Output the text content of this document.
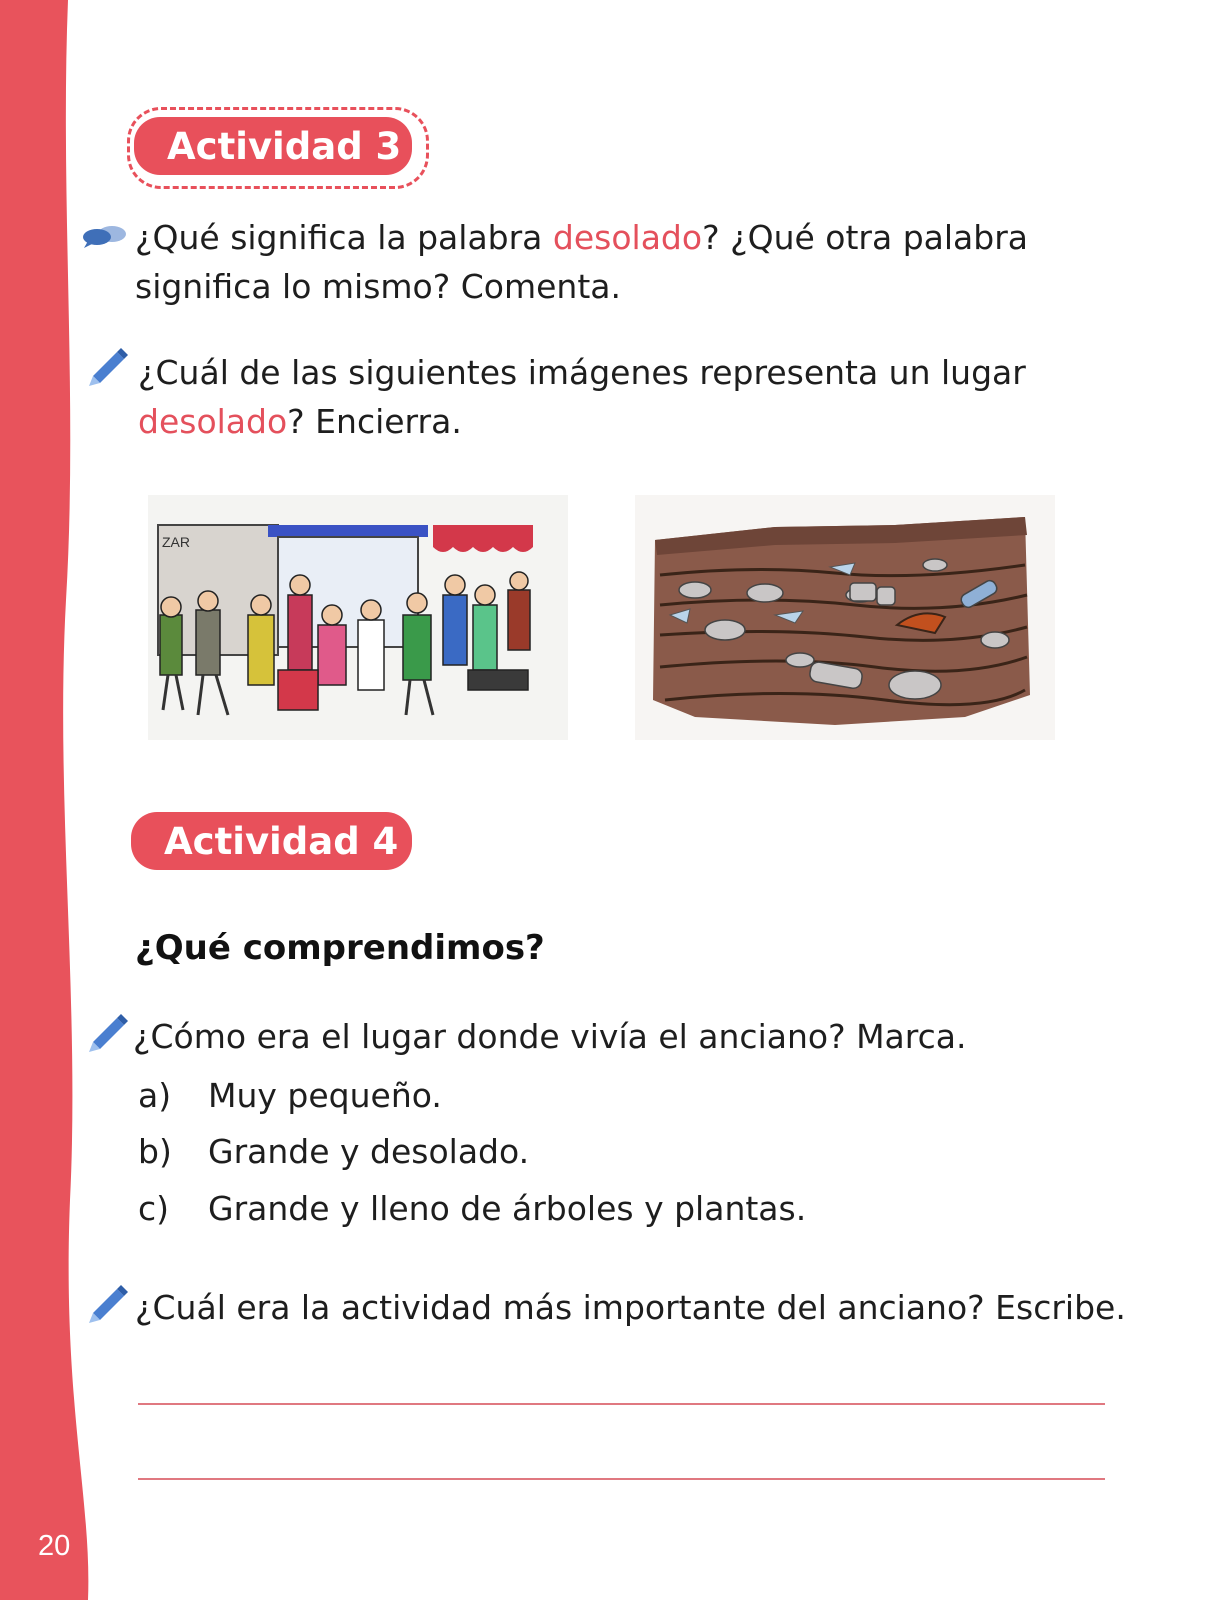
20
Actividad 3
¿Qué significa la palabra desolado? ¿Qué otra palabra
significa lo mismo? Comenta.
¿Cuál de las siguientes imágenes representa un lugar
desolado? Encierra.
ZAR
Actividad 4
¿Qué comprendimos?
¿Cómo era el lugar donde vivía el anciano? Marca.
a) Muy pequeño.
b) Grande y desolado.
c) Grande y lleno de árboles y plantas.
¿Cuál era la actividad más importante del anciano? Escribe.
